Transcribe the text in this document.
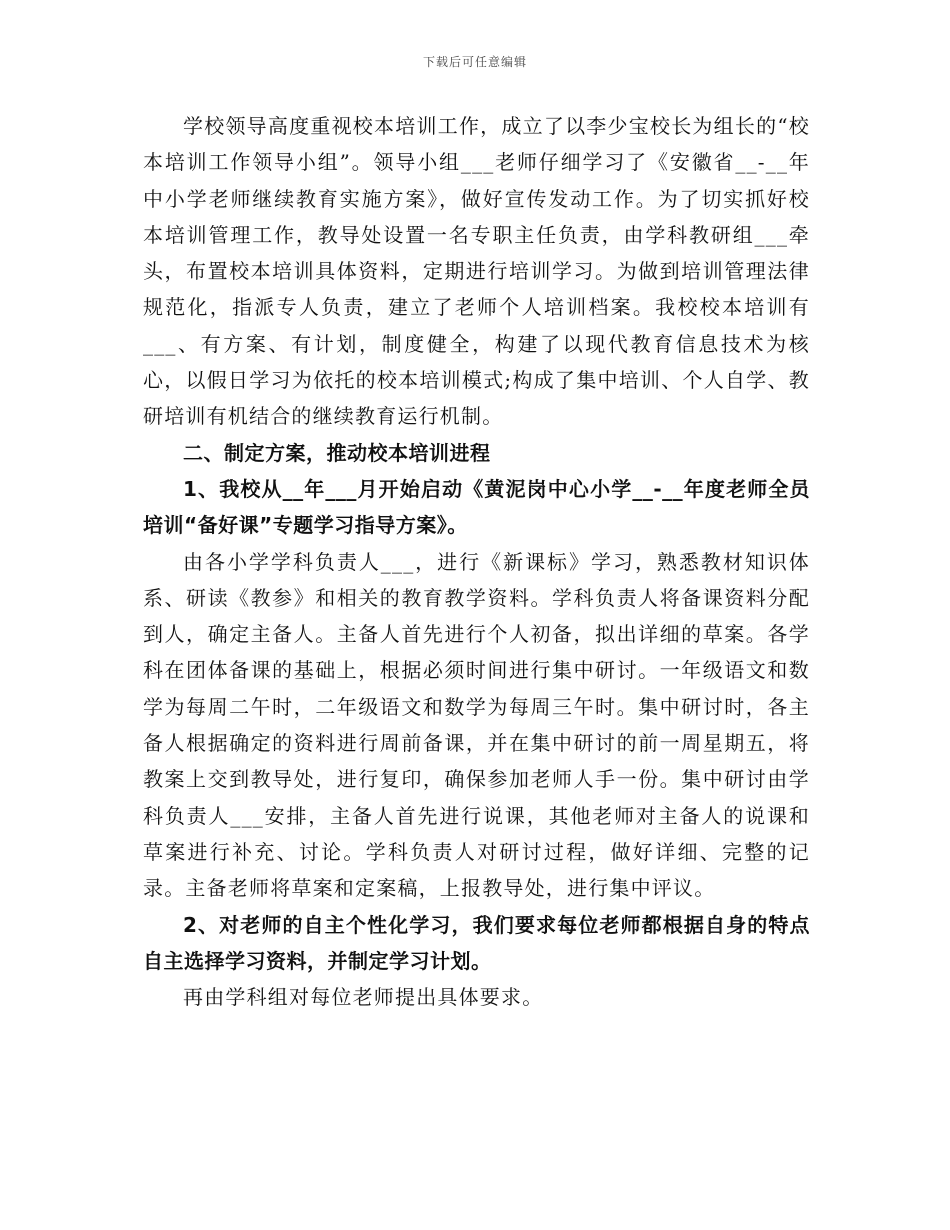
下载后可任意编辑

学校领导高度重视校本培训工作，成立了以李少宝校长为组长的“校本培训工作领导小组”。领导小组___老师仔细学习了《安徽省__-__年中小学老师继续教育实施方案》，做好宣传发动工作。为了切实抓好校本培训管理工作，教导处设置一名专职主任负责，由学科教研组___牵头，布置校本培训具体资料，定期进行培训学习。为做到培训管理法律规范化，指派专人负责，建立了老师个人培训档案。我校校本培训有___、有方案、有计划，制度健全，构建了以现代教育信息技术为核心，以假日学习为依托的校本培训模式;构成了集中培训、个人自学、教研培训有机结合的继续教育运行机制。

二、制定方案，推动校本培训进程

1、我校从__年___月开始启动《黄泥岗中心小学__-__年度老师全员培训“备好课”专题学习指导方案》。

由各小学学科负责人___，进行《新课标》学习，熟悉教材知识体系、研读《教参》和相关的教育教学资料。学科负责人将备课资料分配到人，确定主备人。主备人首先进行个人初备，拟出详细的草案。各学科在团体备课的基础上，根据必须时间进行集中研讨。一年级语文和数学为每周二午时，二年级语文和数学为每周三午时。集中研讨时，各主备人根据确定的资料进行周前备课，并在集中研讨的前一周星期五，将教案上交到教导处，进行复印，确保参加老师人手一份。集中研讨由学科负责人___安排，主备人首先进行说课，其他老师对主备人的说课和草案进行补充、讨论。学科负责人对研讨过程，做好详细、完整的记录。主备老师将草案和定案稿，上报教导处，进行集中评议。

2、对老师的自主个性化学习，我们要求每位老师都根据自身的特点自主选择学习资料，并制定学习计划。

再由学科组对每位老师提出具体要求。
